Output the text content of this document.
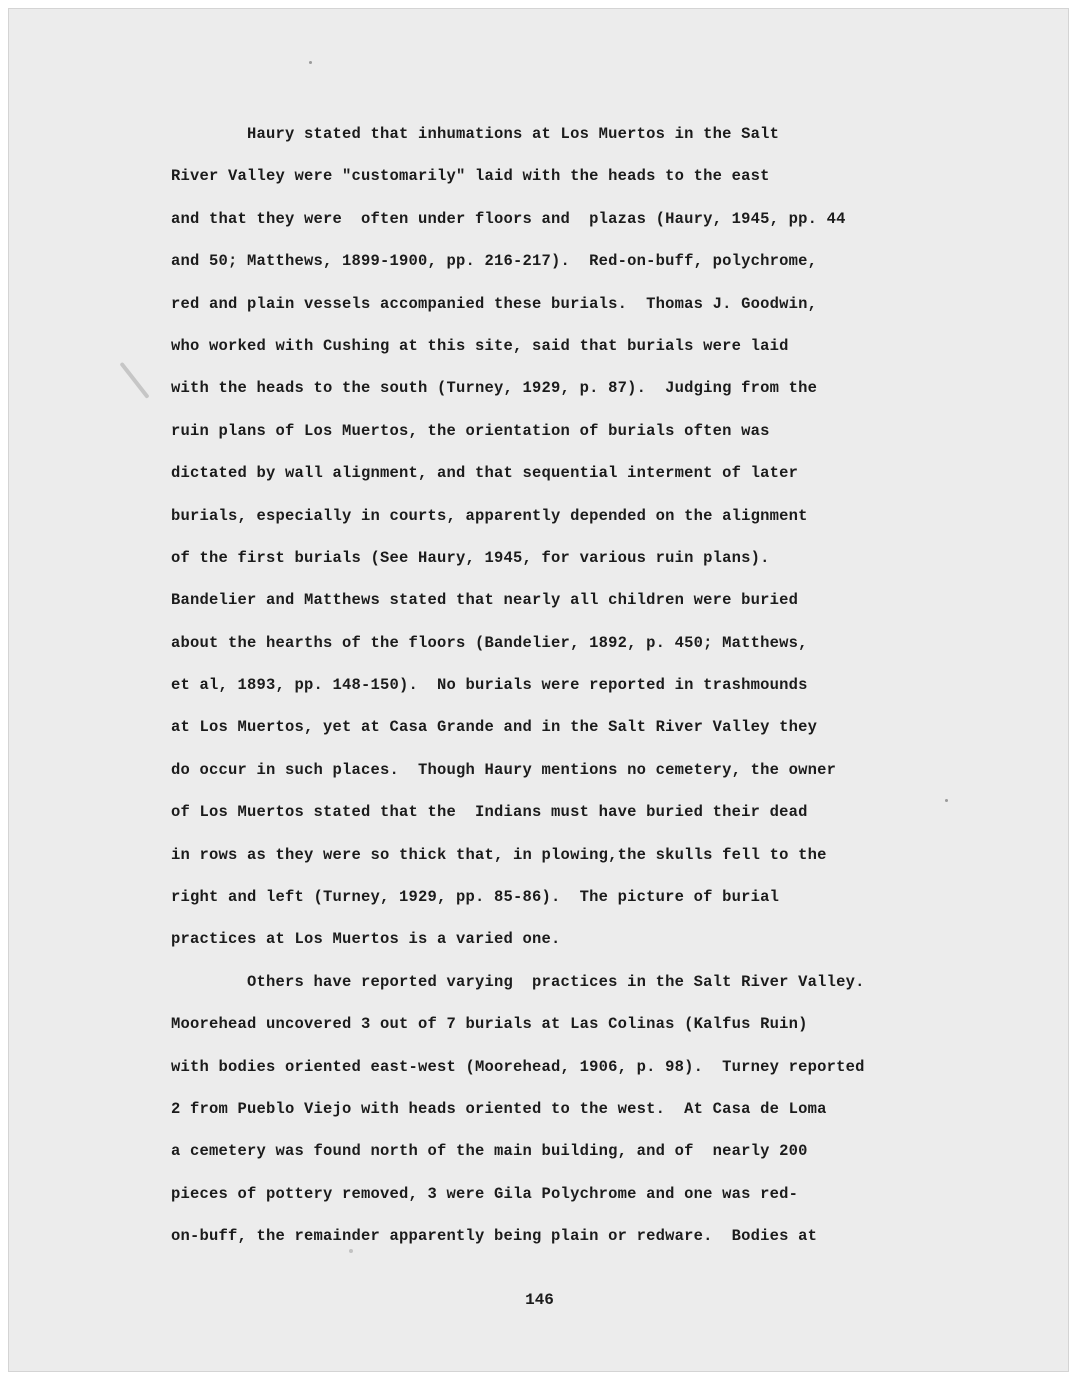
Haury stated that inhumations at Los Muertos in the Salt
River Valley were "customarily" laid with the heads to the east
and that they were  often under floors and  plazas (Haury, 1945, pp. 44
and 50; Matthews, 1899-1900, pp. 216-217).  Red-on-buff, polychrome,
red and plain vessels accompanied these burials.  Thomas J. Goodwin,
who worked with Cushing at this site, said that burials were laid
with the heads to the south (Turney, 1929, p. 87).  Judging from the
ruin plans of Los Muertos, the orientation of burials often was
dictated by wall alignment, and that sequential interment of later
burials, especially in courts, apparently depended on the alignment
of the first burials (See Haury, 1945, for various ruin plans).
Bandelier and Matthews stated that nearly all children were buried
about the hearths of the floors (Bandelier, 1892, p. 450; Matthews,
et al, 1893, pp. 148-150).  No burials were reported in trashmounds
at Los Muertos, yet at Casa Grande and in the Salt River Valley they
do occur in such places.  Though Haury mentions no cemetery, the owner
of Los Muertos stated that the  Indians must have buried their dead
in rows as they were so thick that, in plowing,the skulls fell to the
right and left (Turney, 1929, pp. 85-86).  The picture of burial
practices at Los Muertos is a varied one.
Others have reported varying  practices in the Salt River Valley.
Moorehead uncovered 3 out of 7 burials at Las Colinas (Kalfus Ruin)
with bodies oriented east-west (Moorehead, 1906, p. 98).  Turney reported
2 from Pueblo Viejo with heads oriented to the west.  At Casa de Loma
a cemetery was found north of the main building, and of  nearly 200
pieces of pottery removed, 3 were Gila Polychrome and one was red-
on-buff, the remainder apparently being plain or redware.  Bodies at
146
